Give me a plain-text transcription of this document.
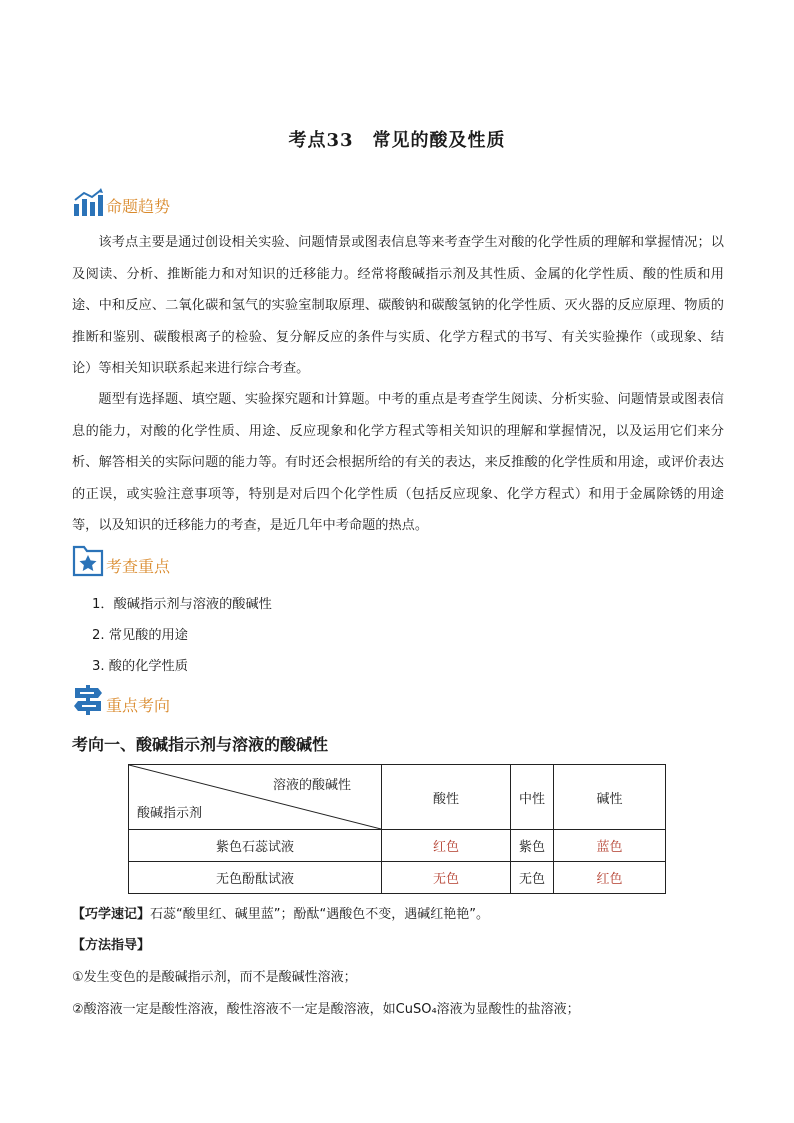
考点33　常见的酸及性质
命题趋势

该考点主要是通过创设相关实验、问题情景或图表信息等来考查学生对酸的化学性质的理解和掌握情况；以及阅读、分析、推断能力和对知识的迁移能力。经常将酸碱指示剂及其性质、金属的化学性质、酸的性质和用途、中和反应、二氧化碳和氢气的实验室制取原理、碳酸钠和碳酸氢钠的化学性质、灭火器的反应原理、物质的推断和鉴别、碳酸根离子的检验、复分解反应的条件与实质、化学方程式的书写、有关实验操作（或现象、结论）等相关知识联系起来进行综合考查。

题型有选择题、填空题、实验探究题和计算题。中考的重点是考查学生阅读、分析实验、问题情景或图表信息的能力，对酸的化学性质、用途、反应现象和化学方程式等相关知识的理解和掌握情况，以及运用它们来分析、解答相关的实际问题的能力等。有时还会根据所给的有关的表达，来反推酸的化学性质和用途，或评价表达的正误，或实验注意事项等，特别是对后四个化学性质（包括反应现象、化学方程式）和用于金属除锈的用途等，以及知识的迁移能力的考查，是近几年中考命题的热点。

考查重点
1．酸碱指示剂与溶液的酸碱性
2. 常见酸的用途
3. 酸的化学性质
重点考向
考向一、酸碱指示剂与溶液的酸碱性
溶液的酸碱性
酸碱指示剂	酸性	中性	碱性
紫色石蕊试液	红色	紫色	蓝色
无色酚酞试液	无色	无色	红色
【巧学速记】石蕊“酸里红、碱里蓝”；酚酞“遇酸色不变，遇碱红艳艳”。
【方法指导】
①发生变色的是酸碱指示剂，而不是酸碱性溶液；
②酸溶液一定是酸性溶液，酸性溶液不一定是酸溶液，如CuSO₄溶液为显酸性的盐溶液；
